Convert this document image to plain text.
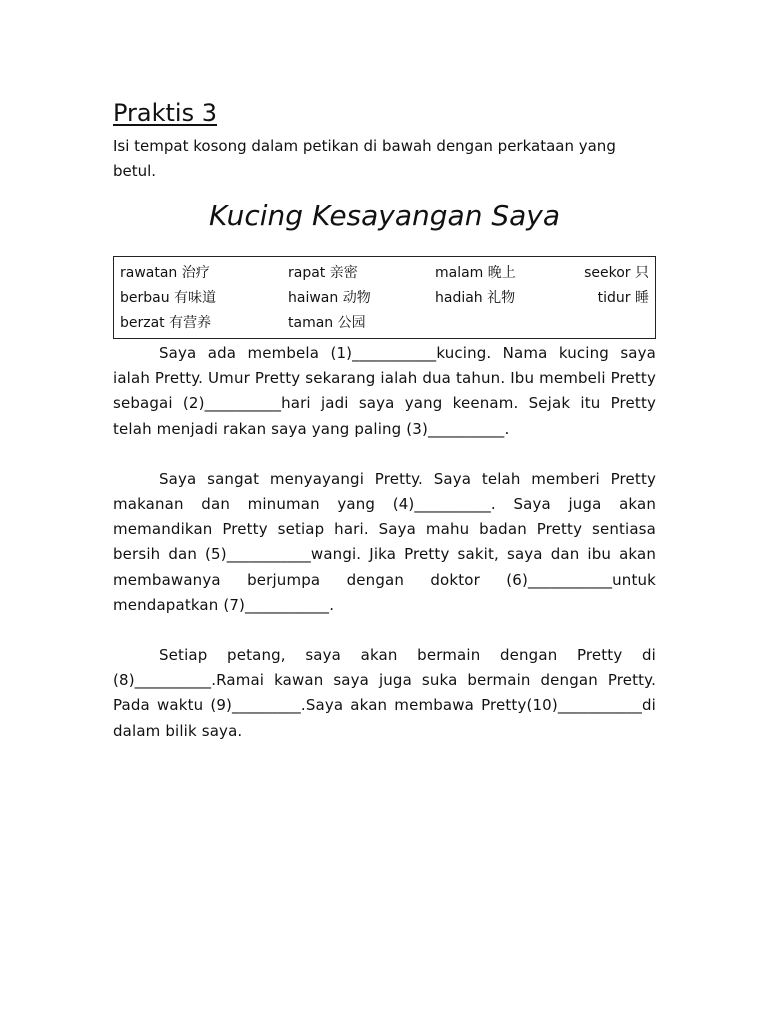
Praktis 3

Isi tempat kosong dalam petikan di bawah dengan perkataan yang betul.

Kucing Kesayangan Saya
rawatan 治疗	rapat 亲密	malam 晚上	seekor 只
berbau 有味道	haiwan 动物	hadiah 礼物	tidur 睡
berzat 有营养	taman 公园

Saya ada membela (1)___________kucing. Nama kucing saya ialah Pretty. Umur Pretty sekarang ialah dua tahun. Ibu membeli Pretty sebagai (2)__________hari jadi saya yang keenam. Sejak itu Pretty telah menjadi rakan saya yang paling (3)__________.

Saya sangat menyayangi Pretty. Saya telah memberi Pretty makanan dan minuman yang (4)__________. Saya juga akan memandikan Pretty setiap hari. Saya mahu badan Pretty sentiasa bersih dan (5)___________wangi. Jika Pretty sakit, saya dan ibu akan membawanya berjumpa dengan doktor (6)___________untuk mendapatkan (7)___________.

Setiap petang, saya akan bermain dengan Pretty di (8)__________.Ramai kawan saya juga suka bermain dengan Pretty. Pada waktu (9)_________.Saya akan membawa Pretty(10)___________di dalam bilik saya.
